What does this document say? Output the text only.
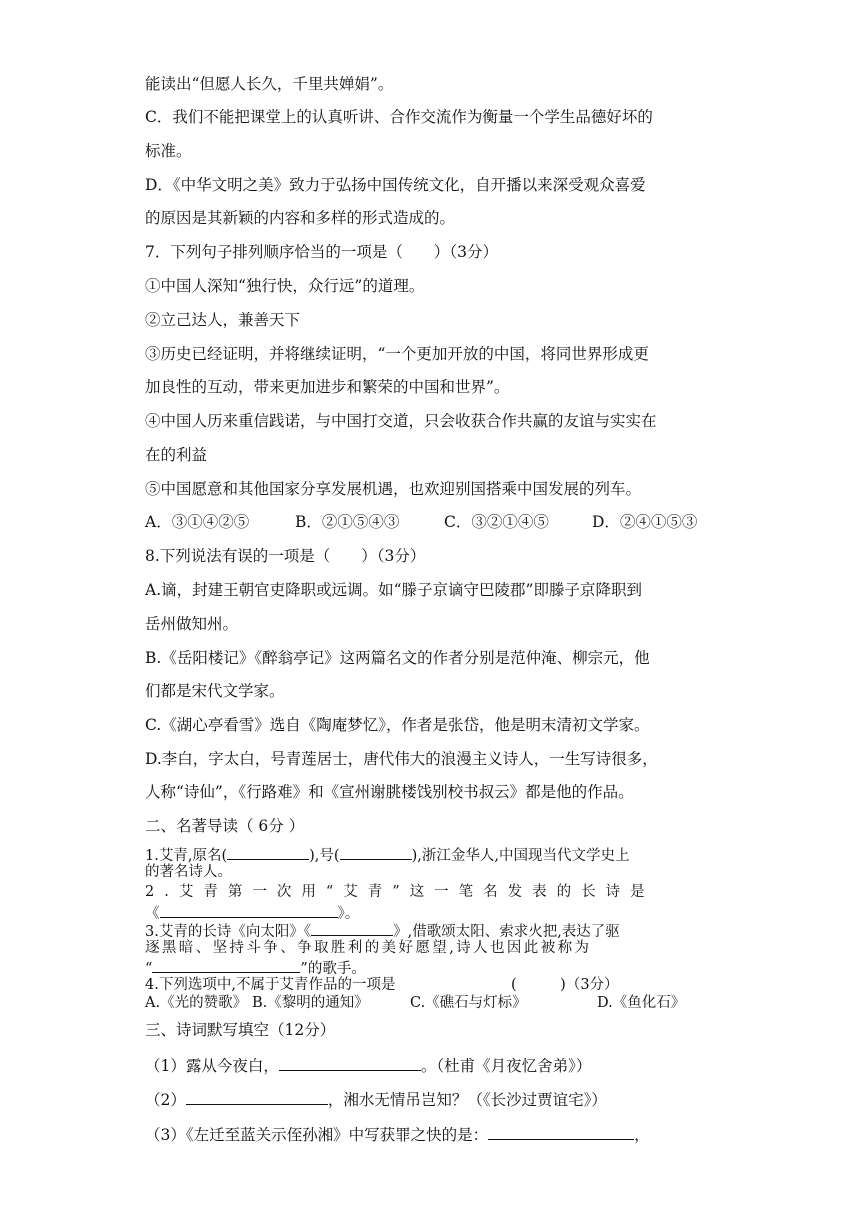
能读出“但愿人长久，千里共婵娟”。
C．我们不能把课堂上的认真听讲、合作交流作为衡量一个学生品德好坏的
标准。
D．《中华文明之美》致力于弘扬中国传统文化，自开播以来深受观众喜爱
的原因是其新颖的内容和多样的形式造成的。
7．下列句子排列顺序恰当的一项是（　　）（3分）
①中国人深知“独行快，众行远”的道理。
②立己达人，兼善天下
③历史已经证明，并将继续证明，“一个更加开放的中国，将同世界形成更
加良性的互动，带来更加进步和繁荣的中国和世界”。
④中国人历来重信践诺，与中国打交道，只会收获合作共赢的友谊与实实在
在的利益
⑤中国愿意和其他国家分享发展机遇，也欢迎别国搭乘中国发展的列车。
A．③①④②⑤	B．②①⑤④③	C．③②①④⑤	D．②④①⑤③
8.下列说法有误的一项是（　　）（3分）
A.谪，封建王朝官吏降职或远调。如“滕子京谪守巴陵郡”即滕子京降职到
岳州做知州。
B.《岳阳楼记》《醉翁亭记》这两篇名文的作者分别是范仲淹、柳宗元，他
们都是宋代文学家。
C.《湖心亭看雪》选自《陶庵梦忆》，作者是张岱，他是明末清初文学家。
D.李白，字太白，号青莲居士，唐代伟大的浪漫主义诗人，一生写诗很多，
人称“诗仙”，《行路难》和《宣州谢朓楼饯别校书叔云》都是他的作品。
二、名著导读（ 6分 ）
1.艾青,原名(	),号(	),浙江金华人,中国现当代文学史上
的著名诗人。
2.艾青第一次用“艾青”这一笔名发表的长诗是
《	》。
3.艾青的长诗《向太阳》《	》,借歌颂太阳、索求火把,表达了驱
逐黑暗、坚持斗争、争取胜利的美好愿望,诗人也因此被称为
“	”的歌手。
4.下列选项中,不属于艾青作品的一项是	(　　　)（3分）
A.《光的赞歌》 B.《黎明的通知》	C.《礁石与灯标》	D.《鱼化石》
三、诗词默写填空（12分）
（1）露从今夜白，	。（杜甫《月夜忆舍弟》）
（2）	，湘水无情吊岂知？（《长沙过贾谊宅》）
（3）《左迁至蓝关示侄孙湘》中写获罪之快的是：	，
